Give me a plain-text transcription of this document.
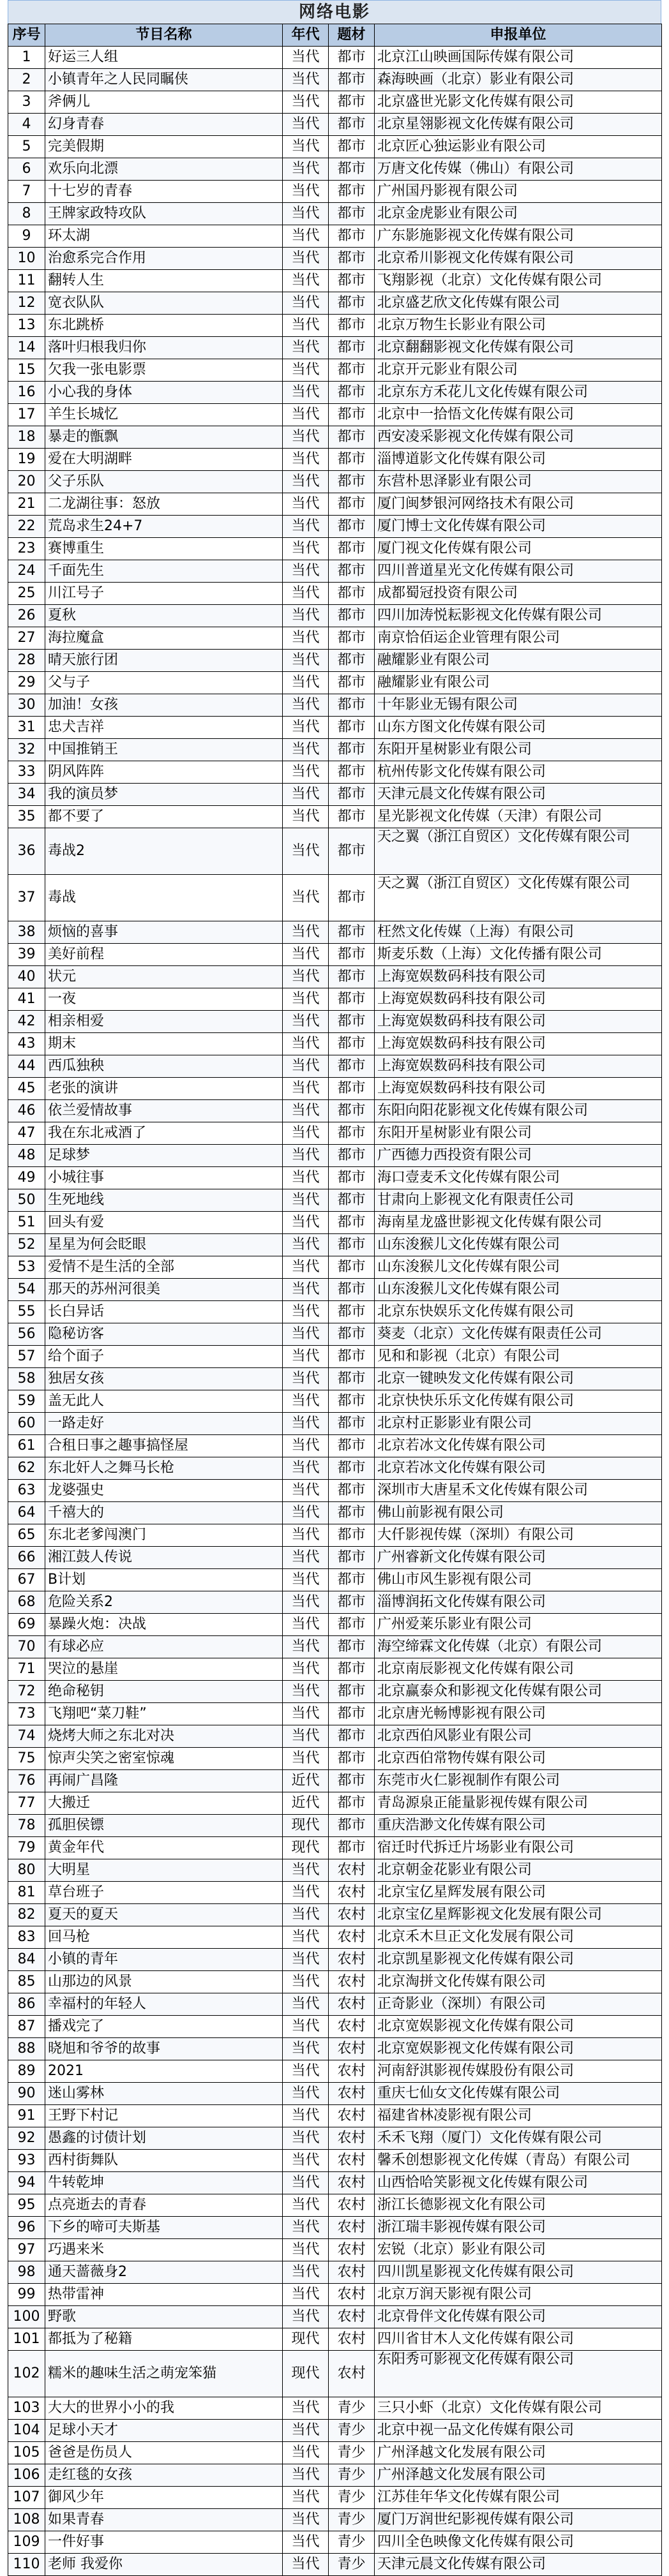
网络电影
序号	节目名称	年代	题材	申报单位
1	好运三人组	当代	都市	北京江山映画国际传媒有限公司
2	小镇青年之人民同瞩侠	当代	都市	森海映画（北京）影业有限公司
3	斧俩儿	当代	都市	北京盛世光影文化传媒有限公司
4	幻身青春	当代	都市	北京星翎影视文化传媒有限公司
5	完美假期	当代	都市	北京匠心独运影业有限公司
6	欢乐向北漂	当代	都市	万唐文化传媒（佛山）有限公司
7	十七岁的青春	当代	都市	广州国丹影视有限公司
8	王牌家政特攻队	当代	都市	北京金虎影业有限公司
9	环太湖	当代	都市	广东影施影视文化传媒有限公司
10	治愈系完合作用	当代	都市	北京希川影视文化传媒有限公司
11	翻转人生	当代	都市	飞翔影视（北京）文化传媒有限公司
12	宽衣队队	当代	都市	北京盛艺欣文化传媒有限公司
13	东北跳桥	当代	都市	北京万物生长影业有限公司
14	落叶归根我归你	当代	都市	北京翻翻影视文化传媒有限公司
15	欠我一张电影票	当代	都市	北京开元影业有限公司
16	小心我的身体	当代	都市	北京东方禾花儿文化传媒有限公司
17	羊生长城忆	当代	都市	北京中一拾悟文化传媒有限公司
18	暴走的甑飘	当代	都市	西安凌采影视文化传媒有限公司
19	爱在大明湖畔	当代	都市	淄博道影文化传媒有限公司
20	父子乐队	当代	都市	东营朴思泽影业有限公司
21	二龙湖往事：怒放	当代	都市	厦门闽梦银河网络技术有限公司
22	荒岛求生24+7	当代	都市	厦门博士文化传媒有限公司
23	赛博重生	当代	都市	厦门视文化传媒有限公司
24	千面先生	当代	都市	四川普道星光文化传媒有限公司
25	川江号子	当代	都市	成都蜀冠投资有限公司
26	夏秋	当代	都市	四川加涛悦耘影视文化传媒有限公司
27	海拉魔盒	当代	都市	南京恰佰运企业管理有限公司
28	晴天旅行团	当代	都市	融耀影业有限公司
29	父与子	当代	都市	融耀影业有限公司
30	加油！女孩	当代	都市	十年影业无锡有限公司
31	忠犬吉祥	当代	都市	山东方图文化传媒有限公司
32	中国推销王	当代	都市	东阳开星树影业有限公司
33	阴风阵阵	当代	都市	杭州传影文化传媒有限公司
34	我的演员梦	当代	都市	天津元晨文化传媒有限公司
35	都不要了	当代	都市	星光影视文化传媒（天津）有限公司
36	毒战2	当代	都市	天之翼（浙江自贸区）文化传媒有限公司
37	毒战	当代	都市	天之翼（浙江自贸区）文化传媒有限公司
38	烦恼的喜事	当代	都市	枉然文化传媒（上海）有限公司
39	美好前程	当代	都市	斯麦乐数（上海）文化传播有限公司
40	状元	当代	都市	上海宽娱数码科技有限公司
41	一夜	当代	都市	上海宽娱数码科技有限公司
42	相亲相爱	当代	都市	上海宽娱数码科技有限公司
43	期末	当代	都市	上海宽娱数码科技有限公司
44	西瓜独秧	当代	都市	上海宽娱数码科技有限公司
45	老张的演讲	当代	都市	上海宽娱数码科技有限公司
46	依兰爱情故事	当代	都市	东阳向阳花影视文化传媒有限公司
47	我在东北戒酒了	当代	都市	东阳开星树影业有限公司
48	足球梦	当代	都市	广西德力西投资有限公司
49	小城往事	当代	都市	海口壹麦禾文化传媒有限公司
50	生死地线	当代	都市	甘肃向上影视文化有限责任公司
51	回头有爱	当代	都市	海南星龙盛世影视文化传媒有限公司
52	星星为何会眨眼	当代	都市	山东浚猴儿文化传媒有限公司
53	爱情不是生活的全部	当代	都市	山东浚猴儿文化传媒有限公司
54	那天的苏州河很美	当代	都市	山东浚猴儿文化传媒有限公司
55	长白异话	当代	都市	北京东快娱乐文化传媒有限公司
56	隐秘访客	当代	都市	葵麦（北京）文化传媒有限责任公司
57	给个面子	当代	都市	见和和影视（北京）有限公司
58	独居女孩	当代	都市	北京一键映发文化传媒有限公司
59	盖无此人	当代	都市	北京快快乐乐文化传媒有限公司
60	一路走好	当代	都市	北京村正影影业有限公司
61	合租日事之趣事搞怪屋	当代	都市	北京若冰文化传媒有限公司
62	东北奸人之舞马长枪	当代	都市	北京若冰文化传媒有限公司
63	龙婆强史	当代	都市	深圳市大唐星禾文化传媒有限公司
64	千禧大的	当代	都市	佛山前影视有限公司
65	东北老爹闯澳门	当代	都市	大仟影视传媒（深圳）有限公司
66	湘江鼓人传说	当代	都市	广州睿新文化传媒有限公司
67	B计划	当代	都市	佛山市风生影视有限公司
68	危险关系2	当代	都市	淄博润拓文化传媒有限公司
69	暴躁火炮：决战	当代	都市	广州爱莱乐影业有限公司
70	有球必应	当代	都市	海空缔霖文化传媒（北京）有限公司
71	哭泣的悬崖	当代	都市	北京南辰影视文化传媒有限公司
72	绝命秘钥	当代	都市	北京赢泰众和影视文化传媒有限公司
73	飞翔吧“菜刀鞋”	当代	都市	北京唐光畅博影视有限公司
74	烧烤大师之东北对决	当代	都市	北京西伯风影业有限公司
75	惊声尖笑之密室惊魂	当代	都市	北京西伯常物传媒有限公司
76	再闹广昌隆	近代	都市	东莞市火仁影视制作有限公司
77	大搬迁	近代	都市	青岛源泉正能量影视传媒有限公司
78	孤胆侯镖	现代	都市	重庆浩渺文化传媒有限公司
79	黄金年代	现代	都市	宿迁时代拆迁片场影业有限公司
80	大明星	当代	农村	北京朝金花影业有限公司
81	草台班子	当代	农村	北京宝亿星辉发展有限公司
82	夏天的夏天	当代	农村	北京宝亿星辉影视文化发展有限公司
83	回马枪	当代	农村	北京禾木旦正文化发展有限公司
84	小镇的青年	当代	农村	北京凯星影视文化传媒有限公司
85	山那边的风景	当代	农村	北京淘拼文化传媒有限公司
86	幸福村的年轻人	当代	农村	正奇影业（深圳）有限公司
87	播戏完了	当代	农村	北京宽娱影视文化传媒有限公司
88	晓旭和爷爷的故事	当代	农村	北京宽娱影视文化传媒有限公司
89	2021	当代	农村	河南舒淇影视传媒股份有限公司
90	迷山雾林	当代	农村	重庆七仙女文化传媒有限公司
91	王野下村记	当代	农村	福建省林凌影视有限公司
92	愚鑫的讨债计划	当代	农村	禾禾飞翔（厦门）文化传媒有限公司
93	西村街舞队	当代	农村	馨禾创想影视文化传媒（青岛）有限公司
94	牛转乾坤	当代	农村	山西恰哈笑影视文化传媒有限公司
95	点亮逝去的青春	当代	农村	浙江长德影视文化有限公司
96	下乡的啼可夫斯基	当代	农村	浙江瑞丰影视传媒有限公司
97	巧遇来米	当代	农村	宏锐（北京）影业有限公司
98	通天蔷薇身2	当代	农村	四川凯星影视文化传媒有限公司
99	热带雷神	当代	农村	北京万润天影视有限公司
100	野歌	当代	农村	北京骨伴文化传媒有限公司
101	都抵为了秘籍	现代	农村	四川省甘木人文化传媒有限公司
102	糯米的趣味生活之萌宠笨猫	现代	农村	东阳秀可影视文化传媒有限公司
103	大大的世界小小的我	当代	青少	三只小虾（北京）文化传媒有限公司
104	足球小天才	当代	青少	北京中视一品文化传媒有限公司
105	爸爸是伤员人	当代	青少	广州泽越文化发展有限公司
106	走红毯的女孩	当代	青少	广州泽越文化发展有限公司
107	御风少年	当代	青少	江苏佳年华文化传媒有限公司
108	如果青春	当代	青少	厦门万润世纪影视传媒有限公司
109	一件好事	当代	青少	四川全色映像文化传媒有限公司
110	老师 我爱你	当代	青少	天津元晨文化传媒有限公司
